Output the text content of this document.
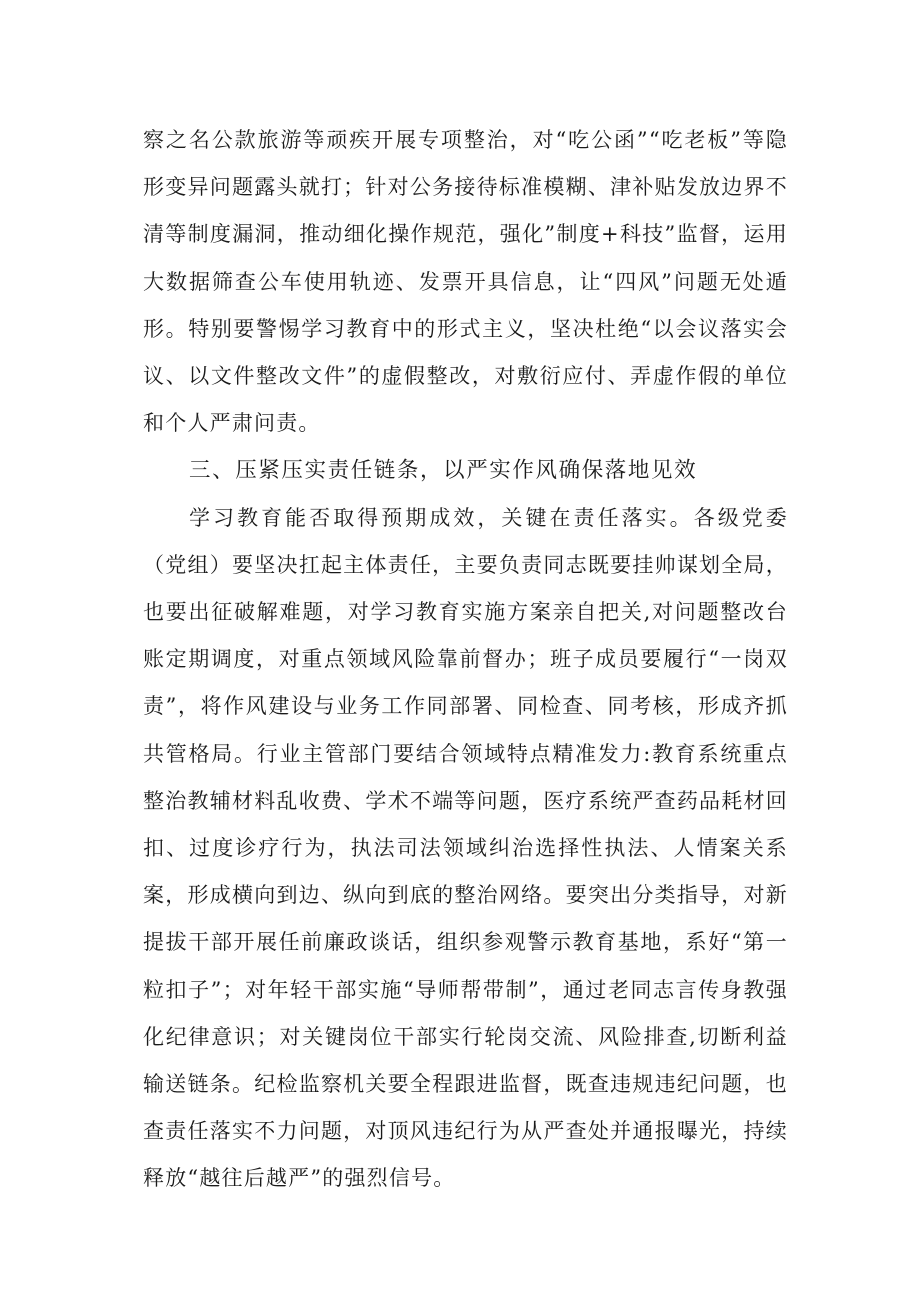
察之名公款旅游等顽疾开展专项整治，对“吃公函”“吃老板”等隐形变异问题露头就打；针对公务接待标准模糊、津补贴发放边界不清等制度漏洞，推动细化操作规范，强化”制度+科技”监督，运用大数据筛查公车使用轨迹、发票开具信息，让“四风”问题无处遁形。特别要警惕学习教育中的形式主义，坚决杜绝“以会议落实会议、以文件整改文件”的虚假整改，对敷衍应付、弄虚作假的单位和个人严肃问责。

三、压紧压实责任链条，以严实作风确保落地见效

学习教育能否取得预期成效，关键在责任落实。各级党委（党组）要坚决扛起主体责任，主要负责同志既要挂帅谋划全局，也要出征破解难题，对学习教育实施方案亲自把关,对问题整改台账定期调度，对重点领域风险靠前督办；班子成员要履行“一岗双责”，将作风建设与业务工作同部署、同检查、同考核，形成齐抓共管格局。行业主管部门要结合领域特点精准发力:教育系统重点整治教辅材料乱收费、学术不端等问题，医疗系统严查药品耗材回扣、过度诊疗行为，执法司法领域纠治选择性执法、人情案关系案，形成横向到边、纵向到底的整治网络。要突出分类指导，对新提拔干部开展任前廉政谈话，组织参观警示教育基地，系好“第一粒扣子”；对年轻干部实施“导师帮带制”，通过老同志言传身教强化纪律意识；对关键岗位干部实行轮岗交流、风险排查,切断利益输送链条。纪检监察机关要全程跟进监督，既查违规违纪问题，也查责任落实不力问题，对顶风违纪行为从严查处并通报曝光，持续释放“越往后越严”的强烈信号。
